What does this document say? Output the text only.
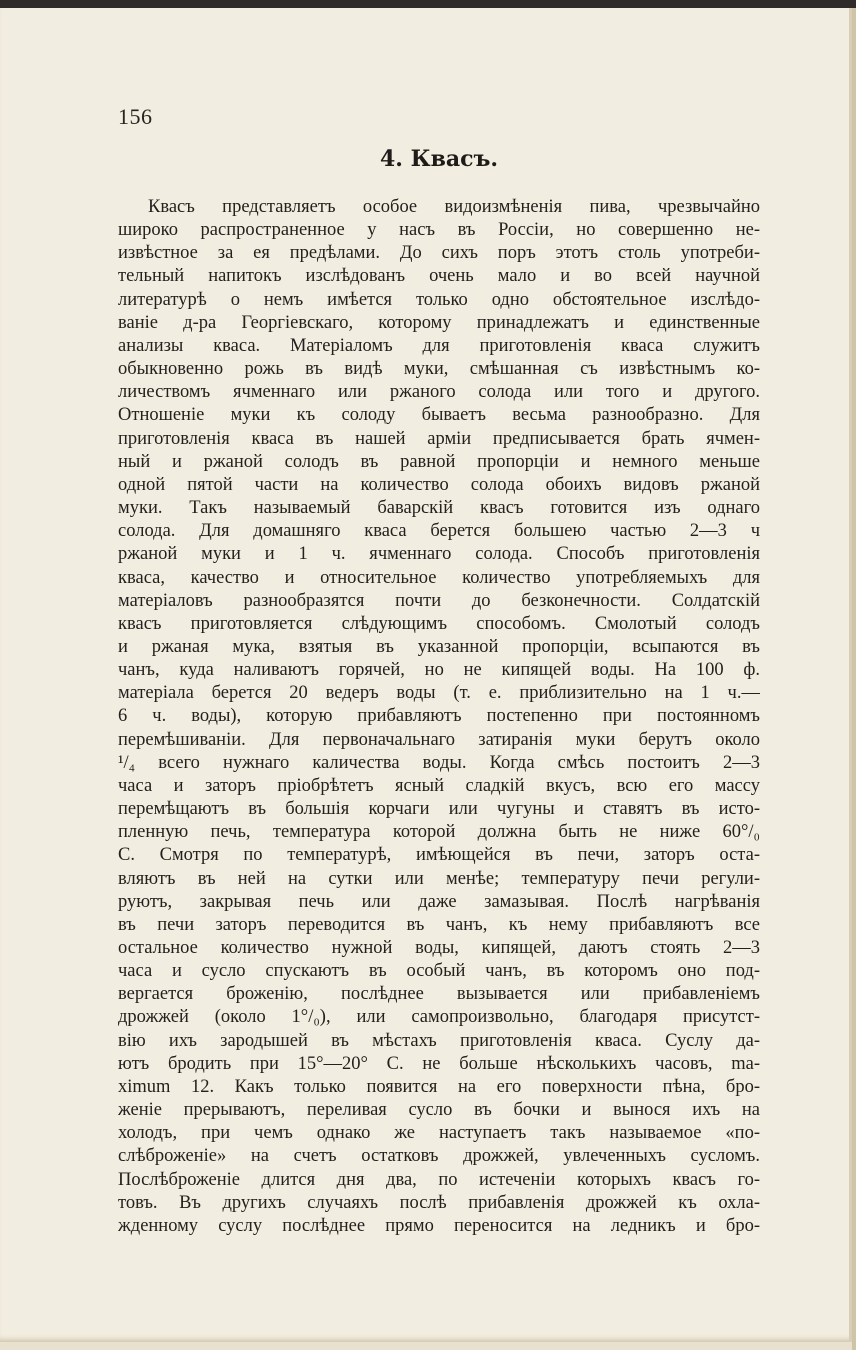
156
4. Квасъ.
Квасъ представляетъ особое видоизмѣненія пива, чрезвычайно
широко распространенное у насъ въ Россіи, но совершенно не-
извѣстное за ея предѣлами. До сихъ поръ этотъ столь употреби-
тельный напитокъ изслѣдованъ очень мало и во всей научной
литературѣ о немъ имѣется только одно обстоятельное изслѣдо-
ваніе д-ра Георгіевскаго, которому принадлежатъ и единственные
анализы кваса. Матеріаломъ для приготовленія кваса служитъ
обыкновенно рожь въ видѣ муки, смѣшанная съ извѣстнымъ ко-
личествомъ ячменнаго или ржаного солода или того и другого.
Отношеніе муки къ солоду бываетъ весьма разнообразно. Для
приготовленія кваса въ нашей арміи предписывается брать ячмен-
ный и ржаной солодъ въ равной пропорціи и немного меньше
одной пятой части на количество солода обоихъ видовъ ржаной
муки. Такъ называемый баварскій квасъ готовится изъ однаго
солода. Для домашняго кваса берется большею частью 2—3 ч
ржаной муки и 1 ч. ячменнаго солода. Способъ приготовленія
кваса, качество и относительное количество употребляемыхъ для
матеріаловъ разнообразятся почти до безконечности. Солдатскій
квасъ приготовляется слѣдующимъ способомъ. Смолотый солодъ
и ржаная мука, взятыя въ указанной пропорціи, всыпаются въ
чанъ, куда наливаютъ горячей, но не кипящей воды. На 100 ф.
матеріала берется 20 ведеръ воды (т. е. приблизительно на 1 ч.—
6 ч. воды), которую прибавляютъ постепенно при постоянномъ
перемѣшиваніи. Для первоначальнаго затиранія муки берутъ около
¹/₄ всего нужнаго каличества воды. Когда смѣсь постоитъ 2—3
часа и заторъ пріобрѣтетъ ясный сладкій вкусъ, всю его массу
перемѣщаютъ въ большія корчаги или чугуны и ставятъ въ исто-
пленную печь, температура которой должна быть не ниже 60°/₀
С. Смотря по температурѣ, имѣющейся въ печи, заторъ оста-
вляютъ въ ней на сутки или менѣе; температуру печи регули-
руютъ, закрывая печь или даже замазывая. Послѣ нагрѣванія
въ печи заторъ переводится въ чанъ, къ нему прибавляютъ все
остальное количество нужной воды, кипящей, даютъ стоять 2—3
часа и сусло спускаютъ въ особый чанъ, въ которомъ оно под-
вергается броженію, послѣднее вызывается или прибавленіемъ
дрожжей (около 1°/₀), или самопроизвольно, благодаря присутст-
вію ихъ зародышей въ мѣстахъ приготовленія кваса. Суслу да-
ютъ бродить при 15°—20° С. не больше нѣсколькихъ часовъ, ma-
ximum 12. Какъ только появится на его поверхности пѣна, бро-
женіе прерываютъ, переливая сусло въ бочки и вынося ихъ на
холодъ, при чемъ однако же наступаетъ такъ называемое «по-
слѣброженіе» на счетъ остатковъ дрожжей, увлеченныхъ сусломъ.
Послѣброженіе длится дня два, по истеченіи которыхъ квасъ го-
товъ. Въ другихъ случаяхъ послѣ прибавленія дрожжей къ охла-
жденному суслу послѣднее прямо переносится на ледникъ и бро-
